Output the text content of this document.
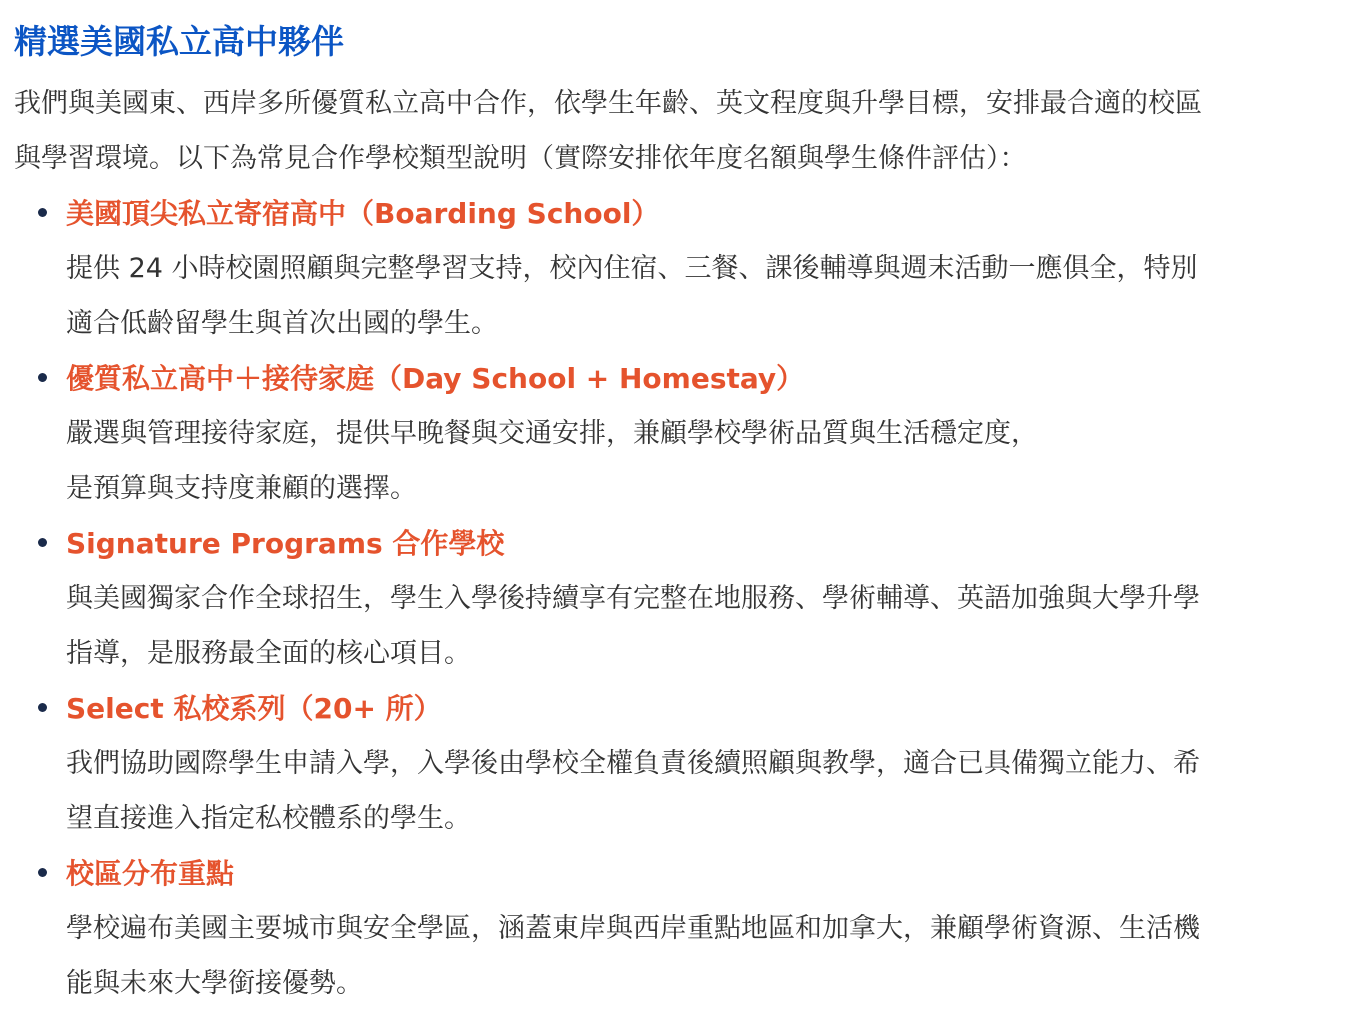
精選美國私立高中夥伴

我們與美國東、西岸多所優質私立高中合作，依學生年齡、英文程度與升學目標，安排最合適的校區
與學習環境。以下為常見合作學校類型說明（實際安排依年度名額與學生條件評估）：

美國頂尖私立寄宿高中（Boarding School）

提供 24 小時校園照顧與完整學習支持，校內住宿、三餐、課後輔導與週末活動一應俱全，特別
適合低齡留學生與首次出國的學生。

優質私立高中＋接待家庭（Day School + Homestay）

嚴選與管理接待家庭，提供早晚餐與交通安排，兼顧學校學術品質與生活穩定度，
是預算與支持度兼顧的選擇。

Signature Programs 合作學校

與美國獨家合作全球招生，學生入學後持續享有完整在地服務、學術輔導、英語加強與大學升學
指導，是服務最全面的核心項目。

Select 私校系列（20+ 所）

我們協助國際學生申請入學，入學後由學校全權負責後續照顧與教學，適合已具備獨立能力、希
望直接進入指定私校體系的學生。

校區分布重點

學校遍布美國主要城市與安全學區，涵蓋東岸與西岸重點地區和加拿大，兼顧學術資源、生活機
能與未來大學銜接優勢。
